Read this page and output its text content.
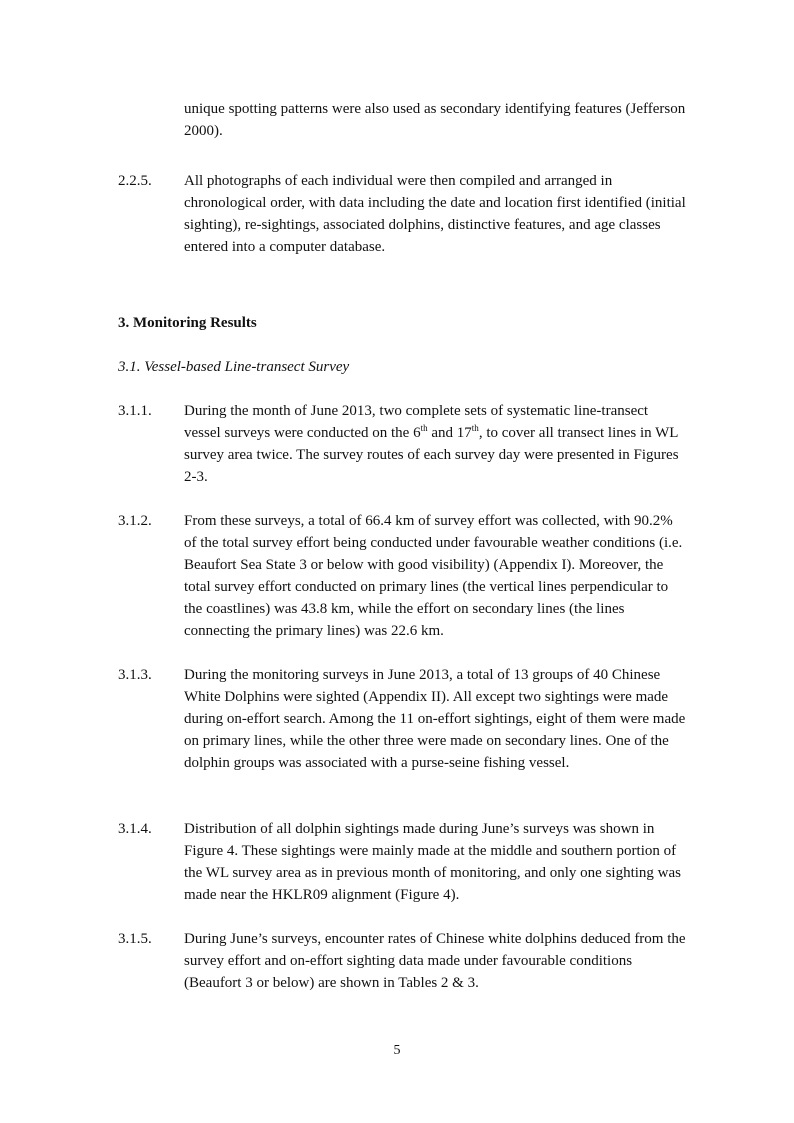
unique spotting patterns were also used as secondary identifying features (Jefferson 2000).
2.2.5.	All photographs of each individual were then compiled and arranged in chronological order, with data including the date and location first identified (initial sighting), re-sightings, associated dolphins, distinctive features, and age classes entered into a computer database.
3. Monitoring Results
3.1. Vessel-based Line-transect Survey
3.1.1.	During the month of June 2013, two complete sets of systematic line-transect vessel surveys were conducted on the 6th and 17th, to cover all transect lines in WL survey area twice. The survey routes of each survey day were presented in Figures 2-3.
3.1.2.	From these surveys, a total of 66.4 km of survey effort was collected, with 90.2% of the total survey effort being conducted under favourable weather conditions (i.e. Beaufort Sea State 3 or below with good visibility) (Appendix I). Moreover, the total survey effort conducted on primary lines (the vertical lines perpendicular to the coastlines) was 43.8 km, while the effort on secondary lines (the lines connecting the primary lines) was 22.6 km.
3.1.3.	During the monitoring surveys in June 2013, a total of 13 groups of 40 Chinese White Dolphins were sighted (Appendix II). All except two sightings were made during on-effort search. Among the 11 on-effort sightings, eight of them were made on primary lines, while the other three were made on secondary lines. One of the dolphin groups was associated with a purse-seine fishing vessel.
3.1.4.	Distribution of all dolphin sightings made during June’s surveys was shown in Figure 4. These sightings were mainly made at the middle and southern portion of the WL survey area as in previous month of monitoring, and only one sighting was made near the HKLR09 alignment (Figure 4).
3.1.5.	During June’s surveys, encounter rates of Chinese white dolphins deduced from the survey effort and on-effort sighting data made under favourable conditions (Beaufort 3 or below) are shown in Tables 2 & 3.
5
